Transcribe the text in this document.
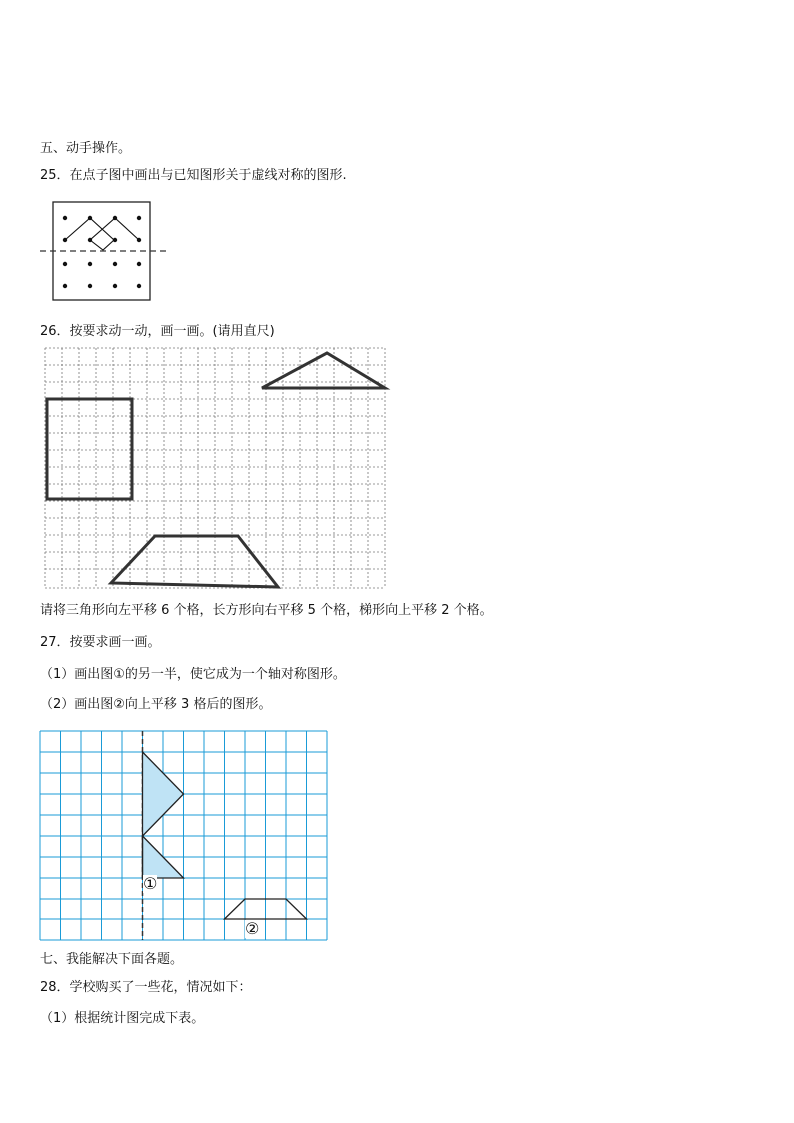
五、动手操作。
25．在点子图中画出与已知图形关于虚线对称的图形.
26．按要求动一动，画一画。(请用直尺)
请将三角形向左平移 6 个格，长方形向右平移 5 个格，梯形向上平移 2 个格。
27．按要求画一画。
（1）画出图①的另一半，使它成为一个轴对称图形。
（2）画出图②向上平移 3 格后的图形。
①
②
七、我能解决下面各题。
28．学校购买了一些花，情况如下：
（1）根据统计图完成下表。
